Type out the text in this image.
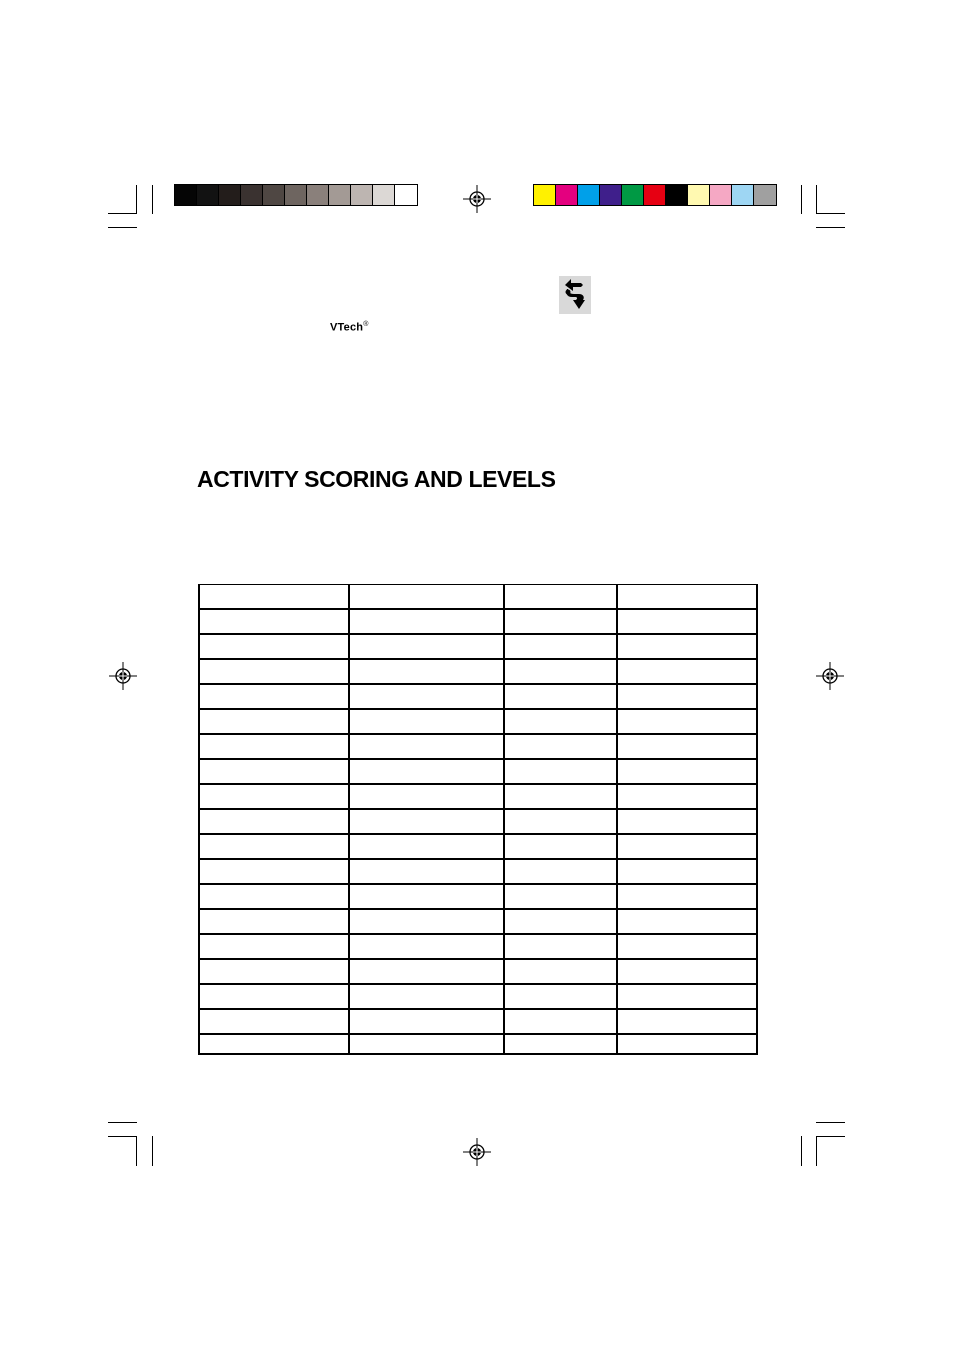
VTech®
ACTIVITY SCORING AND LEVELS
